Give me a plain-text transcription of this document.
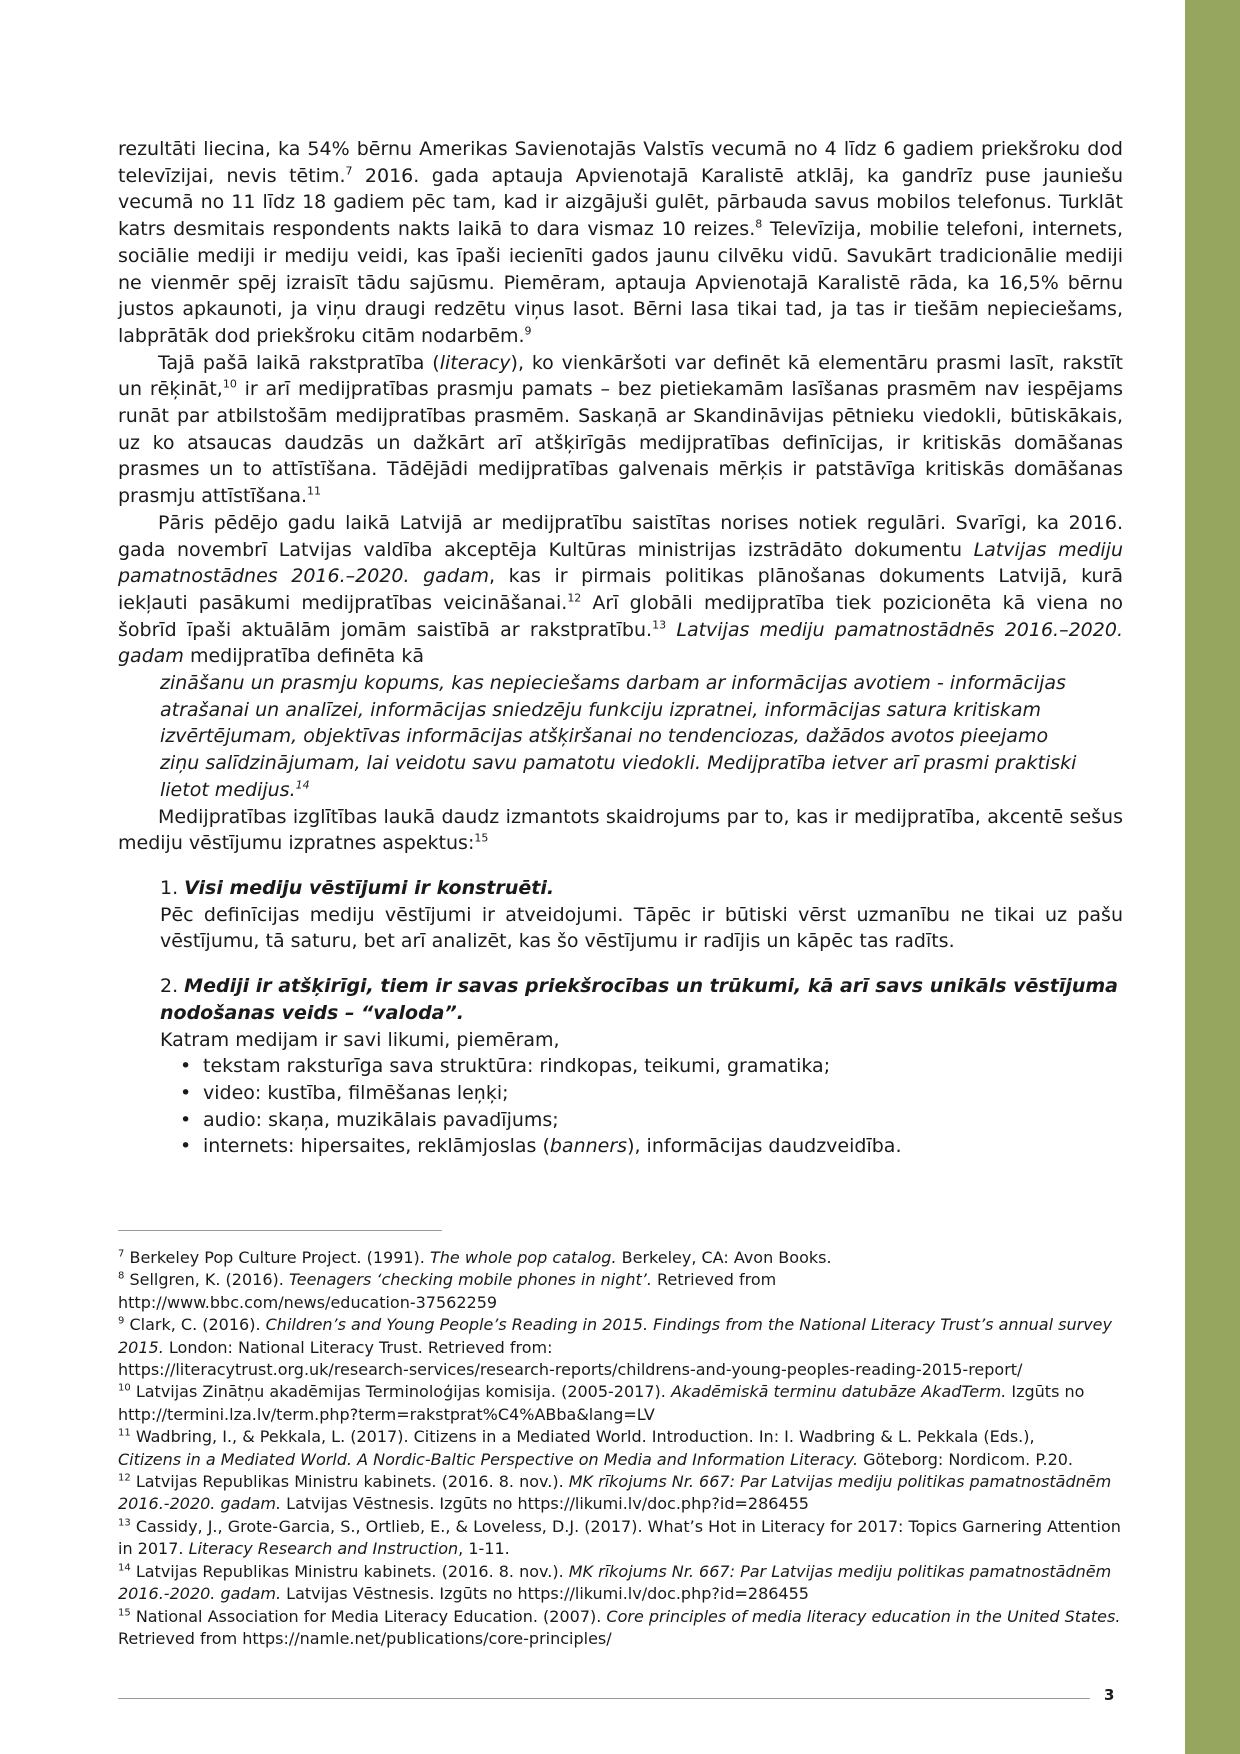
rezultāti liecina, ka 54% bērnu Amerikas Savienotajās Valstīs vecumā no 4 līdz 6 gadiem priekšroku dod televīzijai, nevis tētim.$^7$ 2016. gada aptauja Apvienotajā Karalistē atklāj, ka gandrīz puse jauniešu vecumā no 11 līdz 18 gadiem pēc tam, kad ir aizgājuši gulēt, pārbauda savus mobilos telefonus. Turklāt katrs desmitais respondents nakts laikā to dara vismaz 10 reizes.$^8$ Televīzija, mobilie telefoni, internets, sociālie mediji ir mediju veidi, kas īpaši iecienīti gados jaunu cilvēku vidū. Savukārt tradicionālie mediji ne vienmēr spēj izraisīt tādu sajūsmu. Piemēram, aptauja Apvienotajā Karalistē rāda, ka 16,5% bērnu justos apkaunoti, ja viņu draugi redzētu viņus lasot. Bērni lasa tikai tad, ja tas ir tiešām nepieciešams, labprātāk dod priekšroku citām nodarbēm.$^9$

Tajā pašā laikā rakstpratība (literacy), ko vienkāršoti var definēt kā elementāru prasmi lasīt, rakstīt un rēķināt,$^{10}$ ir arī medijpratības prasmju pamats – bez pietiekamām lasīšanas prasmēm nav iespējams runāt par atbilstošām medijpratības prasmēm. Saskaņā ar Skandināvijas pētnieku viedokli, būtiskākais, uz ko atsaucas daudzās un dažkārt arī atšķirīgās medijpratības definīcijas, ir kritiskās domāšanas prasmes un to attīstīšana. Tādējādi medijpratības galvenais mērķis ir patstāvīga kritiskās domāšanas prasmju attīstīšana.$^{11}$

Pāris pēdējo gadu laikā Latvijā ar medijpratību saistītas norises notiek regulāri. Svarīgi, ka 2016. gada novembrī Latvijas valdība akceptēja Kultūras ministrijas izstrādāto dokumentu Latvijas mediju pamatnostādnes 2016.–2020. gadam, kas ir pirmais politikas plānošanas dokuments Latvijā, kurā iekļauti pasākumi medijpratības veicināšanai.$^{12}$ Arī globāli medijpratība tiek pozicionēta kā viena no šobrīd īpaši aktuālām jomām saistībā ar rakstpratību.$^{13}$ Latvijas mediju pamatnostādnēs 2016.–2020. gadam medijpratība definēta kā

zināšanu un prasmju kopums, kas nepieciešams darbam ar informācijas avotiem - informācijas atrašanai un analīzei, informācijas sniedzēju funkciju izpratnei, informācijas satura kritiskam izvērtējumam, objektīvas informācijas atšķiršanai no tendenciozas, dažādos avotos pieejamo ziņu salīdzinājumam, lai veidotu savu pamatotu viedokli. Medijpratība ietver arī prasmi praktiski lietot medijus.$^{14}$

Medijpratības izglītības laukā daudz izmantots skaidrojums par to, kas ir medijpratība, akcentē sešus mediju vēstījumu izpratnes aspektus:$^{15}$

1. Visi mediju vēstījumi ir konstruēti.

Pēc definīcijas mediju vēstījumi ir atveidojumi. Tāpēc ir būtiski vērst uzmanību ne tikai uz pašu vēstījumu, tā saturu, bet arī analizēt, kas šo vēstījumu ir radījis un kāpēc tas radīts.

2. Mediji ir atšķirīgi, tiem ir savas priekšrocības un trūkumi, kā arī savs unikāls vēstījuma nodošanas veids – “valoda”.

Katram medijam ir savi likumi, piemēram,

• tekstam raksturīga sava struktūra: rindkopas, teikumi, gramatika;
• video: kustība, filmēšanas leņķi;
• audio: skaņa, muzikālais pavadījums;
• internets: hipersaites, reklāmjoslas (banners), informācijas daudzveidība.

$^7$ Berkeley Pop Culture Project. (1991). The whole pop catalog. Berkeley, CA: Avon Books.

$^8$ Sellgren, K. (2016). Teenagers ‘checking mobile phones in night’. Retrieved from
http://www.bbc.com/news/education-37562259

$^9$ Clark, C. (2016). Children’s and Young People’s Reading in 2015. Findings from the National Literacy Trust’s annual survey 2015. London: National Literacy Trust. Retrieved from:
https://literacytrust.org.uk/research-services/research-reports/childrens-and-young-peoples-reading-2015-report/

$^{10}$ Latvijas Zinātņu akadēmijas Terminoloģijas komisija. (2005-2017). Akadēmiskā terminu datubāze AkadTerm. Izgūts no
http://termini.lza.lv/term.php?term=rakstprat%C4%ABba&lang=LV

$^{11}$ Wadbring, I., & Pekkala, L. (2017). Citizens in a Mediated World. Introduction. In: I. Wadbring & L. Pekkala (Eds.),
Citizens in a Mediated World. A Nordic-Baltic Perspective on Media and Information Literacy. Göteborg: Nordicom. P.20.

$^{12}$ Latvijas Republikas Ministru kabinets. (2016. 8. nov.). MK rīkojums Nr. 667: Par Latvijas mediju politikas pamatnostādnēm 2016.-2020. gadam. Latvijas Vēstnesis. Izgūts no https://likumi.lv/doc.php?id=286455

$^{13}$ Cassidy, J., Grote-Garcia, S., Ortlieb, E., & Loveless, D.J. (2017). What’s Hot in Literacy for 2017: Topics Garnering Attention in 2017. Literacy Research and Instruction, 1-11.

$^{14}$ Latvijas Republikas Ministru kabinets. (2016. 8. nov.). MK rīkojums Nr. 667: Par Latvijas mediju politikas pamatnostādnēm 2016.-2020. gadam. Latvijas Vēstnesis. Izgūts no https://likumi.lv/doc.php?id=286455

$^{15}$ National Association for Media Literacy Education. (2007). Core principles of media literacy education in the United States. Retrieved from https://namle.net/publications/core-principles/

3
